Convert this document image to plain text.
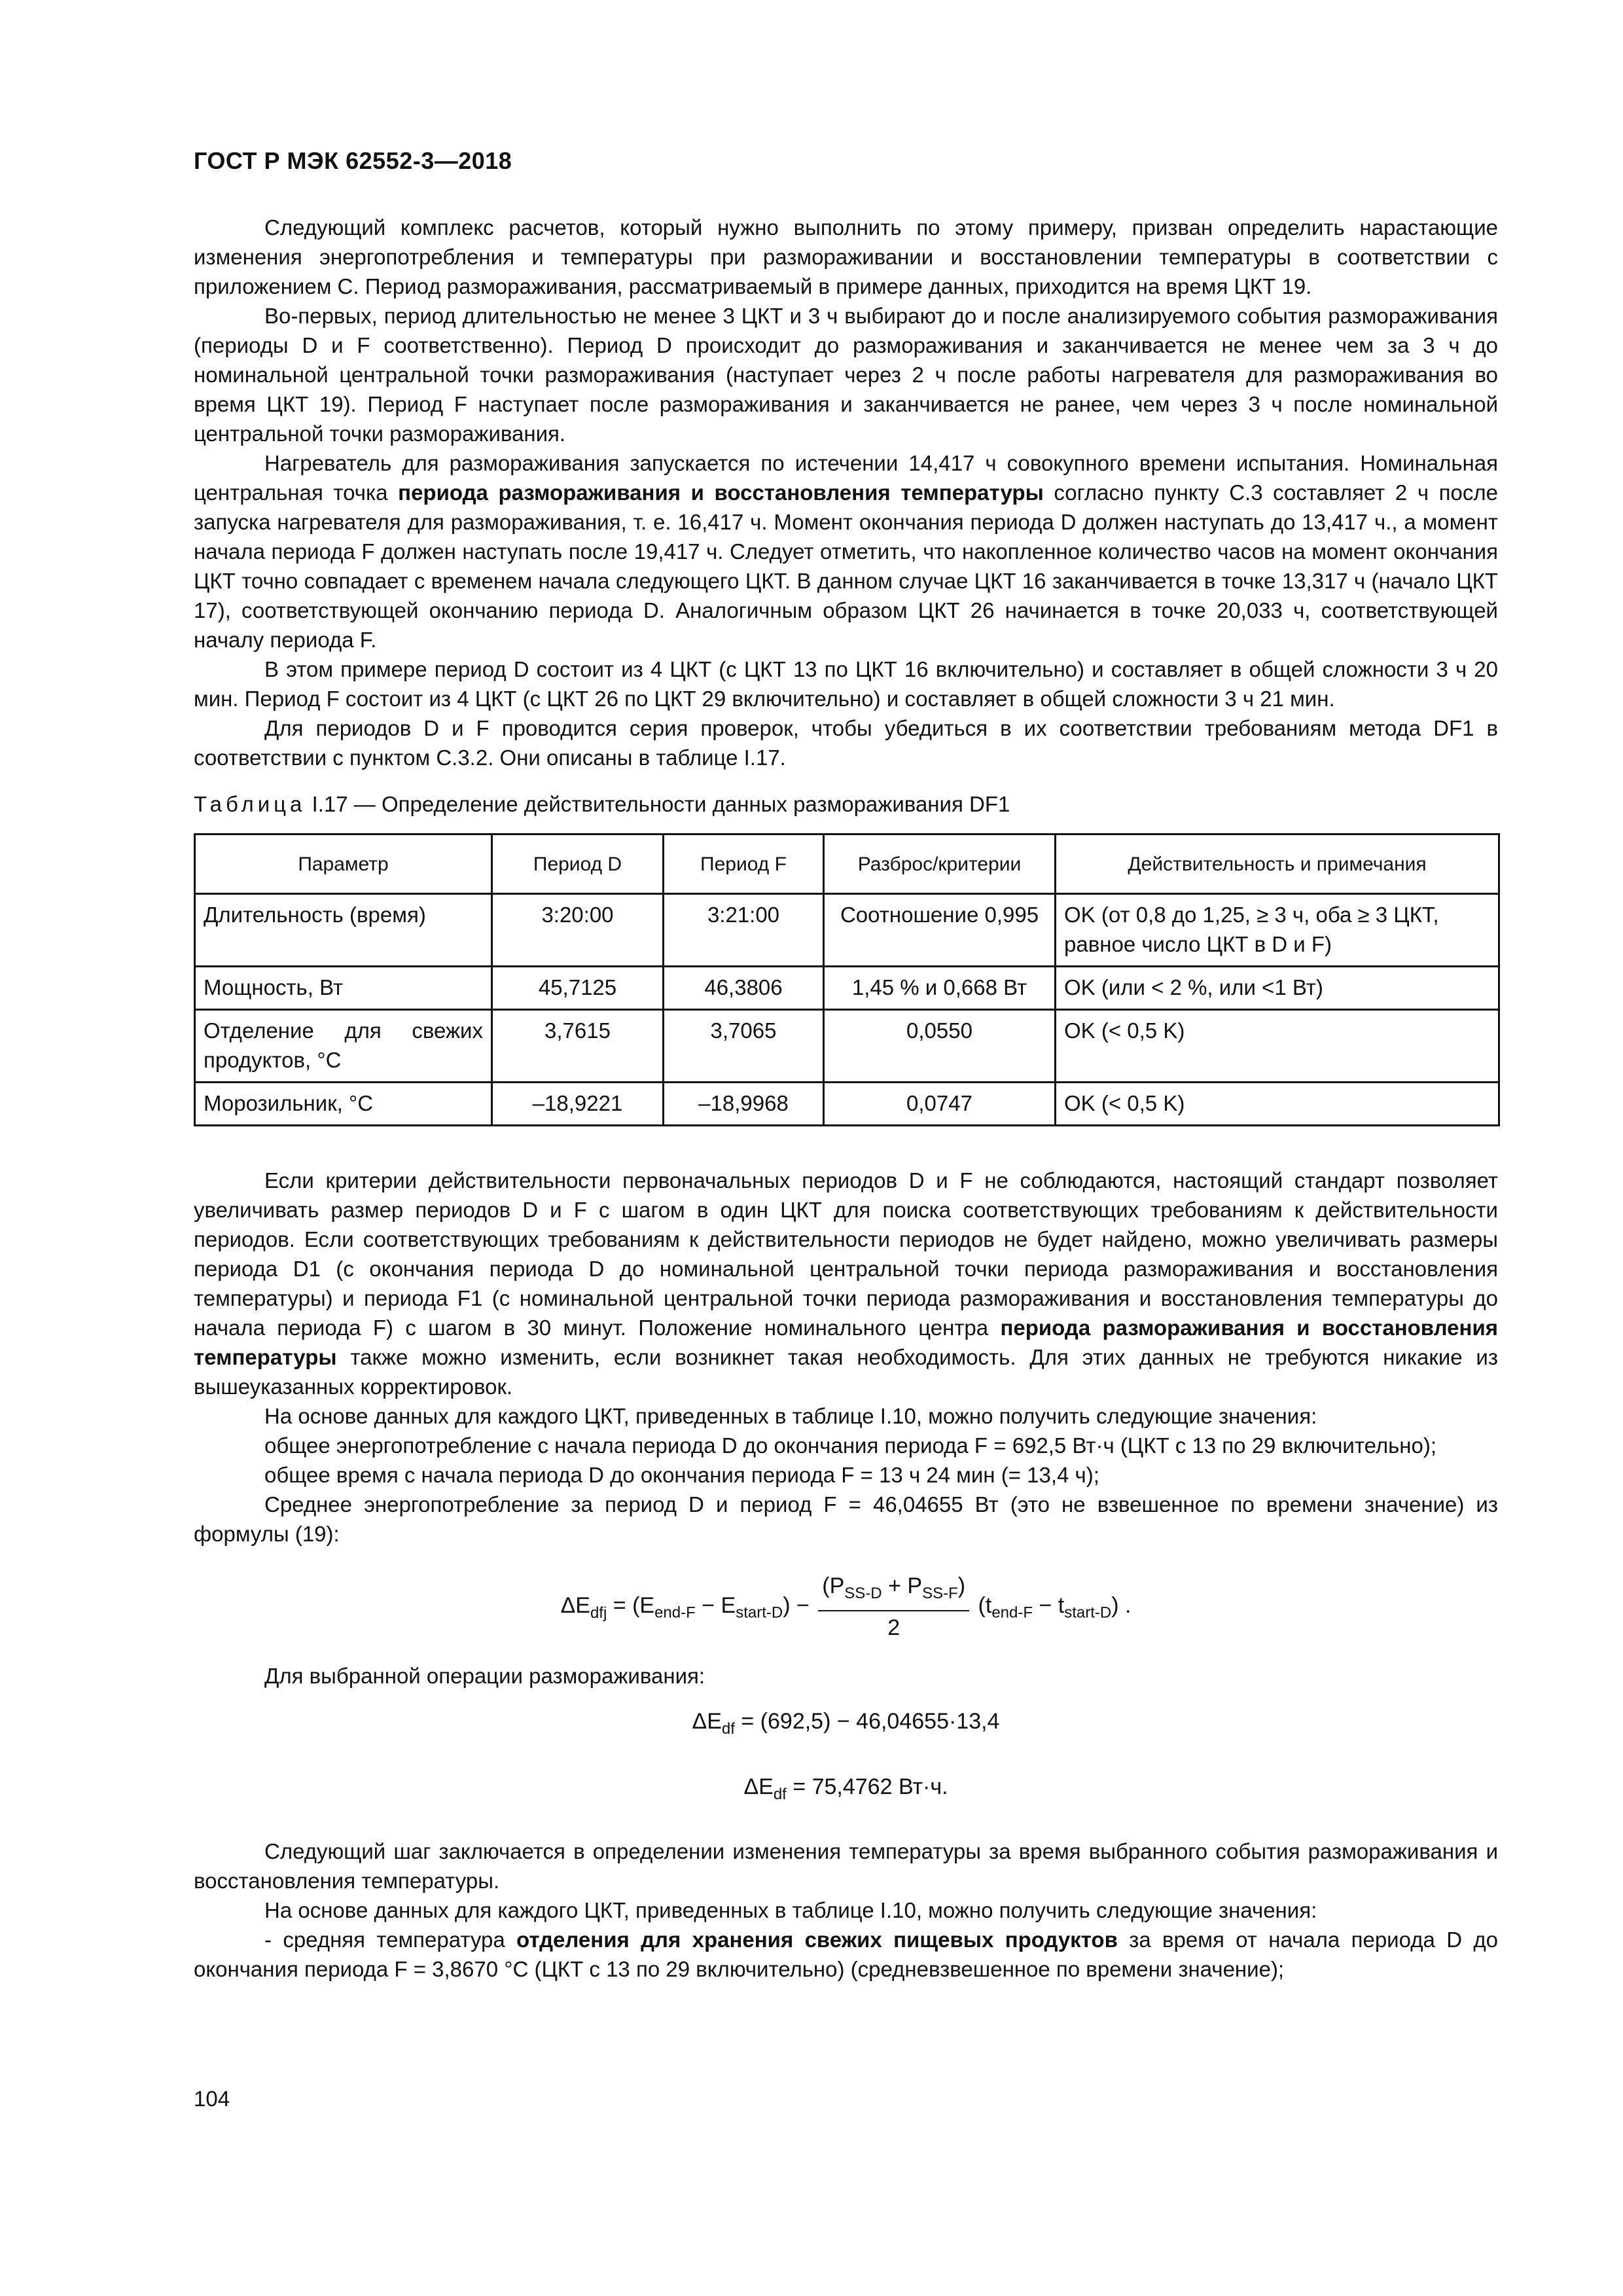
ГОСТ Р МЭК 62552-3—2018

Следующий комплекс расчетов, который нужно выполнить по этому примеру, призван определить нарастающие изменения энергопотребления и температуры при размораживании и восстановлении температуры в соответствии с приложением C. Период размораживания, рассматриваемый в примере данных, приходится на время ЦКТ 19.

Во-первых, период длительностью не менее 3 ЦКТ и 3 ч выбирают до и после анализируемого события размораживания (периоды D и F соответственно). Период D происходит до размораживания и заканчивается не менее чем за 3 ч до номинальной центральной точки размораживания (наступает через 2 ч после работы нагревателя для размораживания во время ЦКТ 19). Период F наступает после размораживания и заканчивается не ранее, чем через 3 ч после номинальной центральной точки размораживания.

Нагреватель для размораживания запускается по истечении 14,417 ч совокупного времени испытания. Номинальная центральная точка периода размораживания и восстановления температуры согласно пункту C.3 составляет 2 ч после запуска нагревателя для размораживания, т. е. 16,417 ч. Момент окончания периода D должен наступать до 13,417 ч., а момент начала периода F должен наступать после 19,417 ч. Следует отметить, что накопленное количество часов на момент окончания ЦКТ точно совпадает с временем начала следующего ЦКТ. В данном случае ЦКТ 16 заканчивается в точке 13,317 ч (начало ЦКТ 17), соответствующей окончанию периода D. Аналогичным образом ЦКТ 26 начинается в точке 20,033 ч, соответствующей началу периода F.

В этом примере период D состоит из 4 ЦКТ (с ЦКТ 13 по ЦКТ 16 включительно) и составляет в общей сложности 3 ч 20 мин. Период F состоит из 4 ЦКТ (с ЦКТ 26 по ЦКТ 29 включительно) и составляет в общей сложности 3 ч 21 мин.

Для периодов D и F проводится серия проверок, чтобы убедиться в их соответствии требованиям метода DF1 в соответствии с пунктом C.3.2. Они описаны в таблице I.17.

Таблица I.17 — Определение действительности данных размораживания DF1
Параметр	Период D	Период F	Разброс/критерии	Действительность и примечания
Длительность (время)	3:20:00	3:21:00	Соотношение 0,995	OK (от 0,8 до 1,25, ≥ 3 ч, оба ≥ 3 ЦКТ, равное число ЦКТ в D и F)
Мощность, Вт	45,7125	46,3806	1,45 % и 0,668 Вт	OK (или < 2 %, или <1 Вт)
Отделение для свежих продуктов, °С	3,7615	3,7065	0,0550	OK (< 0,5 K)
Морозильник, °С	–18,9221	–18,9968	0,0747	OK (< 0,5 K)

Если критерии действительности первоначальных периодов D и F не соблюдаются, настоящий стандарт позволяет увеличивать размер периодов D и F с шагом в один ЦКТ для поиска соответствующих требованиям к действительности периодов. Если соответствующих требованиям к действительности периодов не будет найдено, можно увеличивать размеры периода D1 (с окончания периода D до номинальной центральной точки периода размораживания и восстановления температуры) и периода F1 (с номинальной центральной точки периода размораживания и восстановления температуры до начала периода F) с шагом в 30 минут. Положение номинального центра периода размораживания и восстановления температуры также можно изменить, если возникнет такая необходимость. Для этих данных не требуются никакие из вышеуказанных корректировок.

На основе данных для каждого ЦКТ, приведенных в таблице I.10, можно получить следующие значения:

общее энергопотребление с начала периода D до окончания периода F = 692,5 Вт·ч (ЦКТ с 13 по 29 включительно);

общее время с начала периода D до окончания периода F = 13 ч 24 мин (= 13,4 ч);

Среднее энергопотребление за период D и период F = 46,04655 Вт (это не взвешенное по времени значение) из формулы (19):

$\Delta E_{dfj} = (E_{end-F} - E_{start-D}) - \frac{(P_{SS-D} + P_{SS-F})}{2} (t_{end-F} - t_{start-D})$ .

Для выбранной операции размораживания:

$\Delta E_{df} = (692,5) - 46,04655\cdot 13,4$
$\Delta E_{df} = 75,4762$ Вт·ч.

Следующий шаг заключается в определении изменения температуры за время выбранного события размораживания и восстановления температуры.

На основе данных для каждого ЦКТ, приведенных в таблице I.10, можно получить следующие значения:

- средняя температура отделения для хранения свежих пищевых продуктов за время от начала периода D до окончания периода F = 3,8670 °С (ЦКТ с 13 по 29 включительно) (средневзвешенное по времени значение);

104
